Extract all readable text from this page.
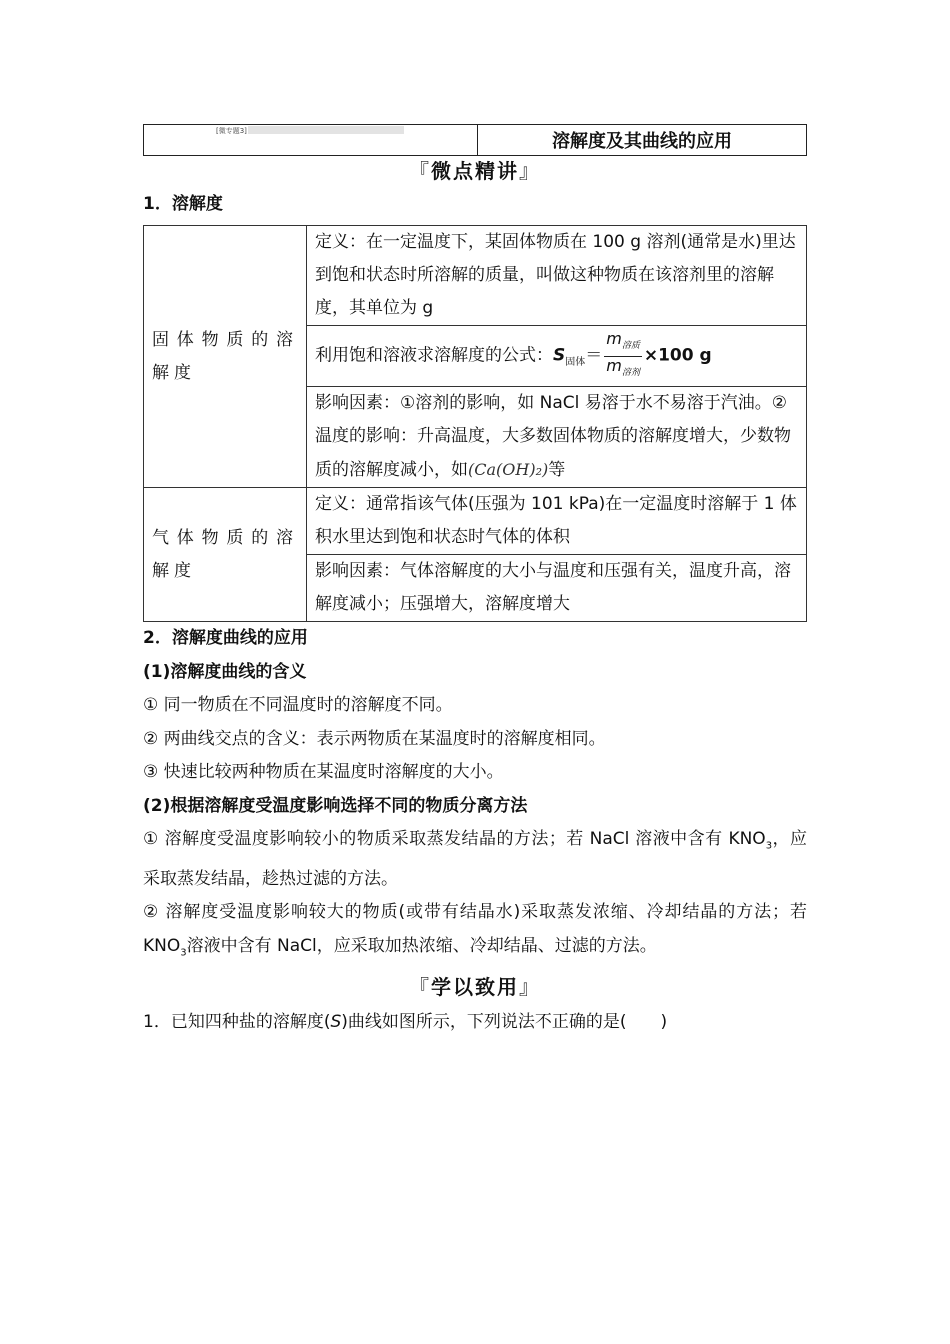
[微专题3]	溶解度及其曲线的应用
『微点精讲』
1．溶解度
固体物质的溶解度	定义：在一定温度下，某固体物质在 100 g 溶剂(通常是水)里达到饱和状态时所溶解的质量，叫做这种物质在该溶剂里的溶解度，其单位为 g
	利用饱和溶液求溶解度的公式：$S_{固体}= \frac{m_{溶质}}{m_{溶剂}} \times 100$ g
	影响因素：①溶剂的影响，如 NaCl 易溶于水不易溶于汽油。②温度的影响：升高温度，大多数固体物质的溶解度增大，少数物质的溶解度减小，如(Ca(OH)₂)等
气体物质的溶解度	定义：通常指该气体(压强为 101 kPa)在一定温度时溶解于 1 体积水里达到饱和状态时气体的体积
	影响因素：气体溶解度的大小与温度和压强有关，温度升高，溶解度减小；压强增大，溶解度增大
2．溶解度曲线的应用
(1)溶解度曲线的含义
① 同一物质在不同温度时的溶解度不同。
② 两曲线交点的含义：表示两物质在某温度时的溶解度相同。
③ 快速比较两种物质在某温度时溶解度的大小。
(2)根据溶解度受温度影响选择不同的物质分离方法
① 溶解度受温度影响较小的物质采取蒸发结晶的方法；若 NaCl 溶液中含有 $KNO_3$，应采取蒸发结晶，趁热过滤的方法。
② 溶解度受温度影响较大的物质(或带有结晶水)采取蒸发浓缩、冷却结晶的方法；若 $KNO_3$溶液中含有 NaCl，应采取加热浓缩、冷却结晶、过滤的方法。
『学以致用』
1．已知四种盐的溶解度(S)曲线如图所示，下列说法不正确的是(　　)
